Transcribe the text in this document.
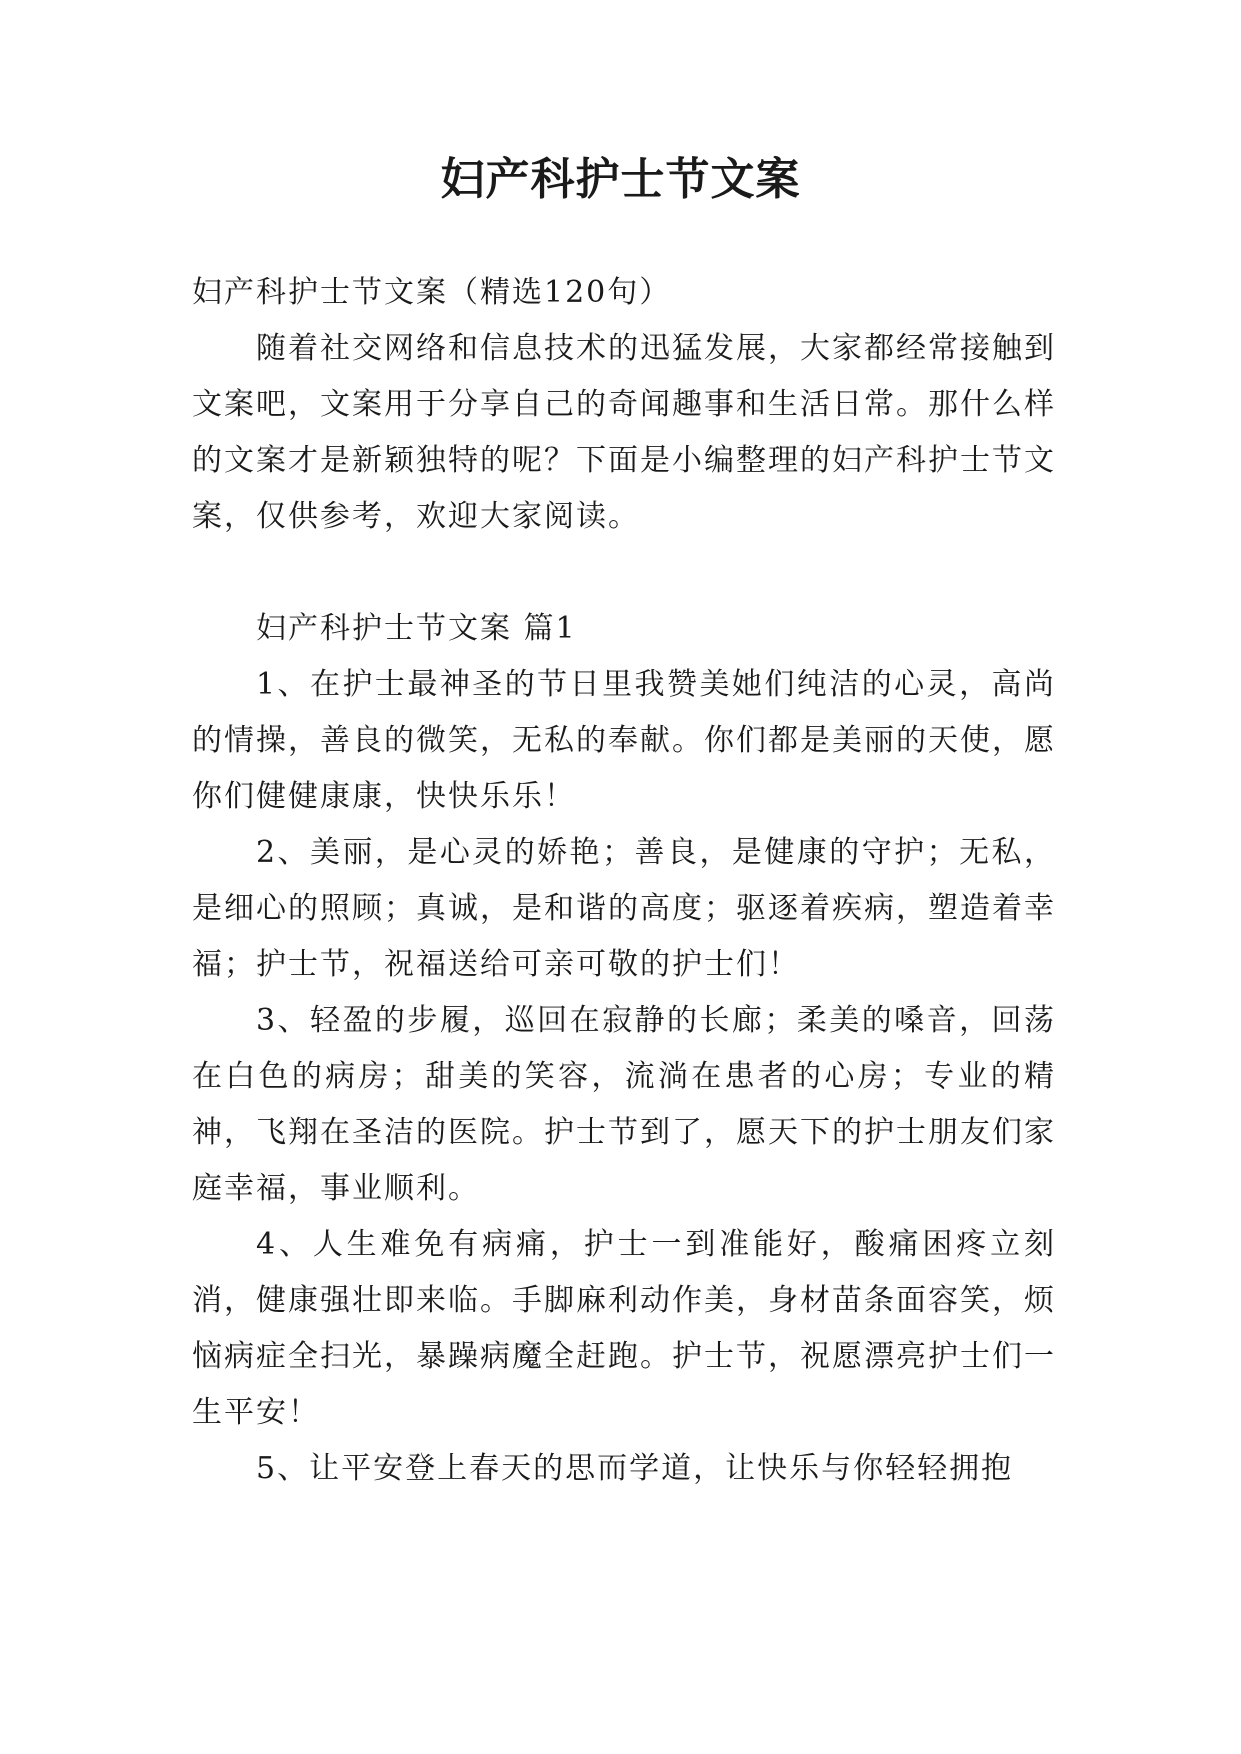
妇产科护士节文案

妇产科护士节文案（精选120句）

随着社交网络和信息技术的迅猛发展，大家都经常接触到文案吧，文案用于分享自己的奇闻趣事和生活日常。那什么样的文案才是新颖独特的呢？下面是小编整理的妇产科护士节文案，仅供参考，欢迎大家阅读。

妇产科护士节文案 篇1

1、在护士最神圣的节日里我赞美她们纯洁的心灵，高尚的情操，善良的微笑，无私的奉献。你们都是美丽的天使，愿你们健健康康，快快乐乐！

2、美丽，是心灵的娇艳；善良，是健康的守护；无私，是细心的照顾；真诚，是和谐的高度；驱逐着疾病，塑造着幸福；护士节，祝福送给可亲可敬的护士们！

3、轻盈的步履，巡回在寂静的长廊；柔美的嗓音，回荡在白色的病房；甜美的笑容，流淌在患者的心房；专业的精神，飞翔在圣洁的医院。护士节到了，愿天下的护士朋友们家庭幸福，事业顺利。

4、人生难免有病痛，护士一到准能好，酸痛困疼立刻消，健康强壮即来临。手脚麻利动作美，身材苗条面容笑，烦恼病症全扫光，暴躁病魔全赶跑。护士节，祝愿漂亮护士们一生平安！

5、让平安登上春天的思而学道，让快乐与你轻轻拥抱
